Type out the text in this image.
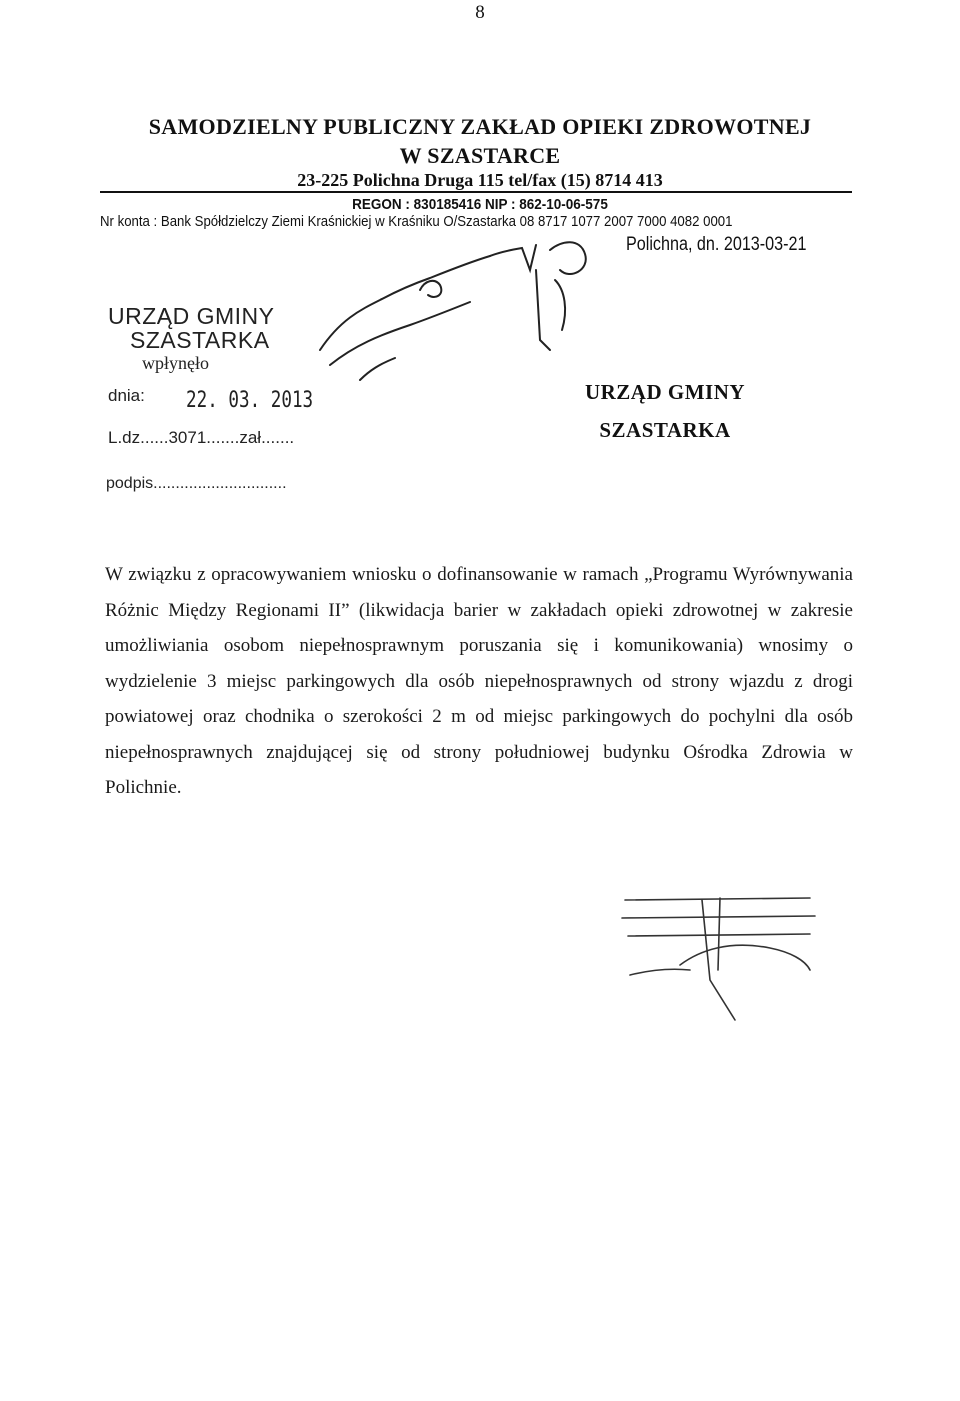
8
SAMODZIELNY PUBLICZNY ZAKŁAD OPIEKI ZDROWOTNEJ
W SZASTARCE
23-225 Polichna Druga 115 tel/fax (15) 8714 413
REGON : 830185416 NIP : 862-10-06-575
Nr konta : Bank Spółdzielczy Ziemi Kraśnickiej w Kraśniku O/Szastarka 08 8717 1077 2007 7000 4082 0001
Polichna, dn. 2013-03-21
URZĄD GMINY
SZASTARKA
wpłynęło
dnia: 22. 03. 2013
L.dz......3071.......zał.......
podpis..............................
URZĄD GMINY
SZASTARKA
W związku z opracowywaniem wniosku o dofinansowanie w ramach „Programu Wyrównywania Różnic Między Regionami II” (likwidacja barier w zakładach opieki zdrowotnej w zakresie umożliwiania osobom niepełnosprawnym poruszania się i komunikowania) wnosimy o wydzielenie 3 miejsc parkingowych dla osób niepełnosprawnych od strony wjazdu z drogi powiatowej oraz chodnika o szerokości 2 m od miejsc parkingowych do pochylni dla osób niepełnosprawnych znajdującej się od strony południowej budynku Ośrodka Zdrowia w Polichnie.
